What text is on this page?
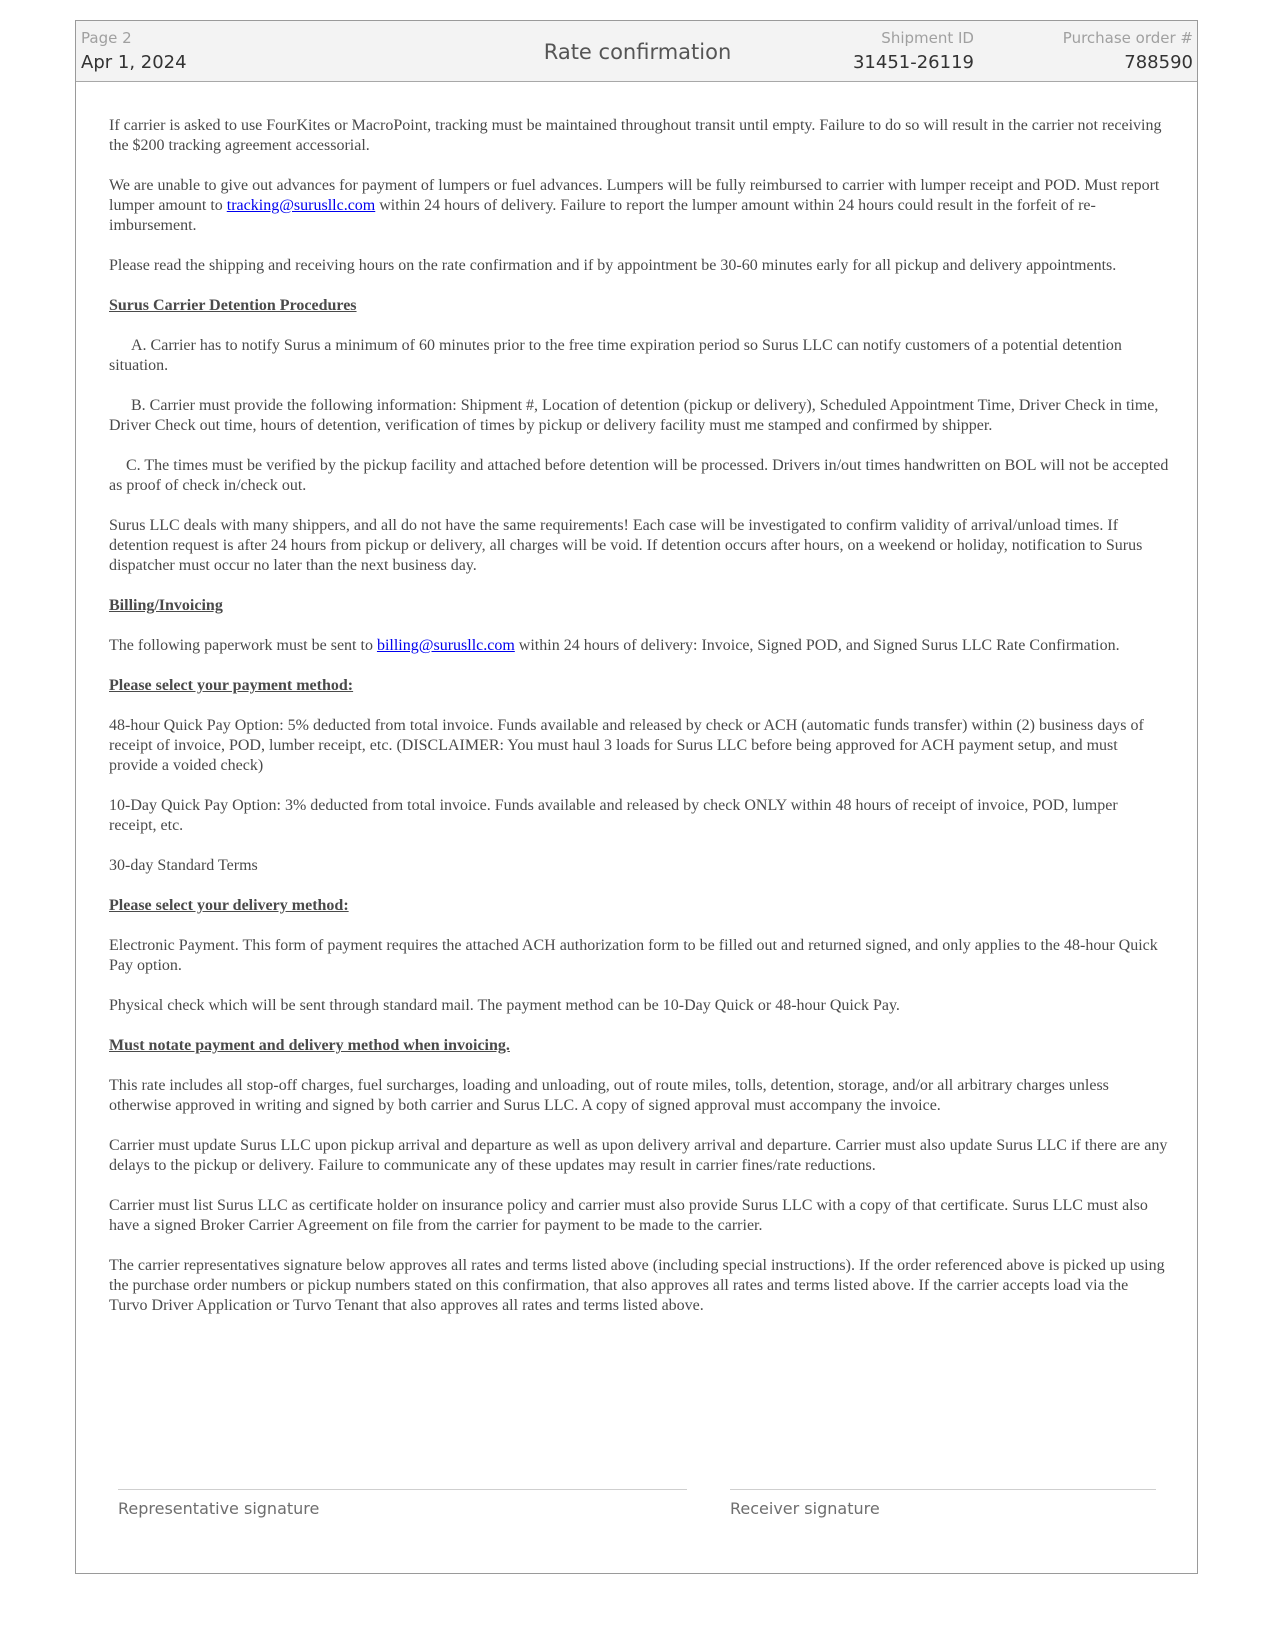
Page 2
Apr 1, 2024	Rate confirmation
Shipment ID
31451-26119
Purchase order #
788590

If carrier is asked to use FourKites or MacroPoint, tracking must be maintained throughout transit until empty. Failure to do so will result in the carrier not receiving the $200 tracking agreement accessorial.

We are unable to give out advances for payment of lumpers or fuel advances. Lumpers will be fully reimbursed to carrier with lumper receipt and POD. Must report lumper amount to tracking@surusllc.com within 24 hours of delivery. Failure to report the lumper amount within 24 hours could result in the forfeit of re-imbursement.

Please read the shipping and receiving hours on the rate confirmation and if by appointment be 30-60 minutes early for all pickup and delivery appointments.

Surus Carrier Detention Procedures

A. Carrier has to notify Surus a minimum of 60 minutes prior to the free time expiration period so Surus LLC can notify customers of a potential detention situation.

B. Carrier must provide the following information: Shipment #, Location of detention (pickup or delivery), Scheduled Appointment Time, Driver Check in time, Driver Check out time, hours of detention, verification of times by pickup or delivery facility must me stamped and confirmed by shipper.

C. The times must be verified by the pickup facility and attached before detention will be processed. Drivers in/out times handwritten on BOL will not be accepted as proof of check in/check out.

Surus LLC deals with many shippers, and all do not have the same requirements! Each case will be investigated to confirm validity of arrival/unload times. If detention request is after 24 hours from pickup or delivery, all charges will be void. If detention occurs after hours, on a weekend or holiday, notification to Surus dispatcher must occur no later than the next business day.

Billing/Invoicing

The following paperwork must be sent to billing@surusllc.com within 24 hours of delivery: Invoice, Signed POD, and Signed Surus LLC Rate Confirmation.

Please select your payment method:

48-hour Quick Pay Option: 5% deducted from total invoice. Funds available and released by check or ACH (automatic funds transfer) within (2) business days of receipt of invoice, POD, lumber receipt, etc. (DISCLAIMER: You must haul 3 loads for Surus LLC before being approved for ACH payment setup, and must provide a voided check)

10-Day Quick Pay Option: 3% deducted from total invoice. Funds available and released by check ONLY within 48 hours of receipt of invoice, POD, lumper receipt, etc.

30-day Standard Terms

Please select your delivery method:

Electronic Payment. This form of payment requires the attached ACH authorization form to be filled out and returned signed, and only applies to the 48-hour Quick Pay option.

Physical check which will be sent through standard mail. The payment method can be 10-Day Quick or 48-hour Quick Pay.

Must notate payment and delivery method when invoicing.

This rate includes all stop-off charges, fuel surcharges, loading and unloading, out of route miles, tolls, detention, storage, and/or all arbitrary charges unless otherwise approved in writing and signed by both carrier and Surus LLC. A copy of signed approval must accompany the invoice.

Carrier must update Surus LLC upon pickup arrival and departure as well as upon delivery arrival and departure. Carrier must also update Surus LLC if there are any delays to the pickup or delivery. Failure to communicate any of these updates may result in carrier fines/rate reductions.

Carrier must list Surus LLC as certificate holder on insurance policy and carrier must also provide Surus LLC with a copy of that certificate. Surus LLC must also have a signed Broker Carrier Agreement on file from the carrier for payment to be made to the carrier.

The carrier representatives signature below approves all rates and terms listed above (including special instructions). If the order referenced above is picked up using the purchase order numbers or pickup numbers stated on this confirmation, that also approves all rates and terms listed above. If the carrier accepts load via the Turvo Driver Application or Turvo Tenant that also approves all rates and terms listed above.

Representative signature	Receiver signature
